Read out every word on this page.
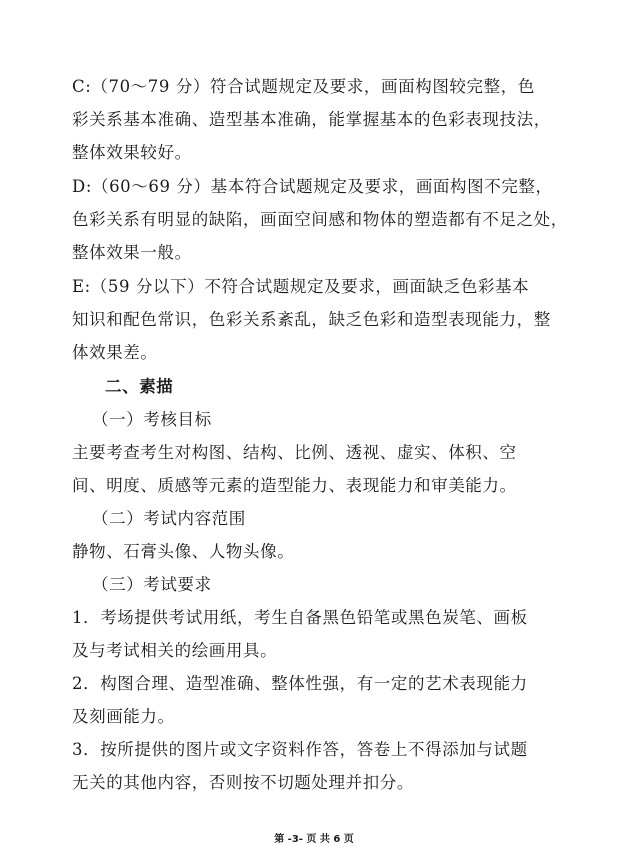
C:（70～79 分）符合试题规定及要求，画面构图较完整，色
彩关系基本准确、造型基本准确，能掌握基本的色彩表现技法，
整体效果较好。
D:（60～69 分）基本符合试题规定及要求，画面构图不完整，
色彩关系有明显的缺陷，画面空间感和物体的塑造都有不足之处，
整体效果一般。
E:（59 分以下）不符合试题规定及要求，画面缺乏色彩基本
知识和配色常识，色彩关系紊乱，缺乏色彩和造型表现能力，整
体效果差。
二、素描
（一）考核目标
主要考查考生对构图、结构、比例、透视、虚实、体积、空
间、明度、质感等元素的造型能力、表现能力和审美能力。
（二）考试内容范围
静物、石膏头像、人物头像。
（三）考试要求
1．考场提供考试用纸，考生自备黑色铅笔或黑色炭笔、画板
及与考试相关的绘画用具。
2．构图合理、造型准确、整体性强，有一定的艺术表现能力
及刻画能力。
3．按所提供的图片或文字资料作答，答卷上不得添加与试题
无关的其他内容，否则按不切题处理并扣分。
第 -3- 页 共 6 页
